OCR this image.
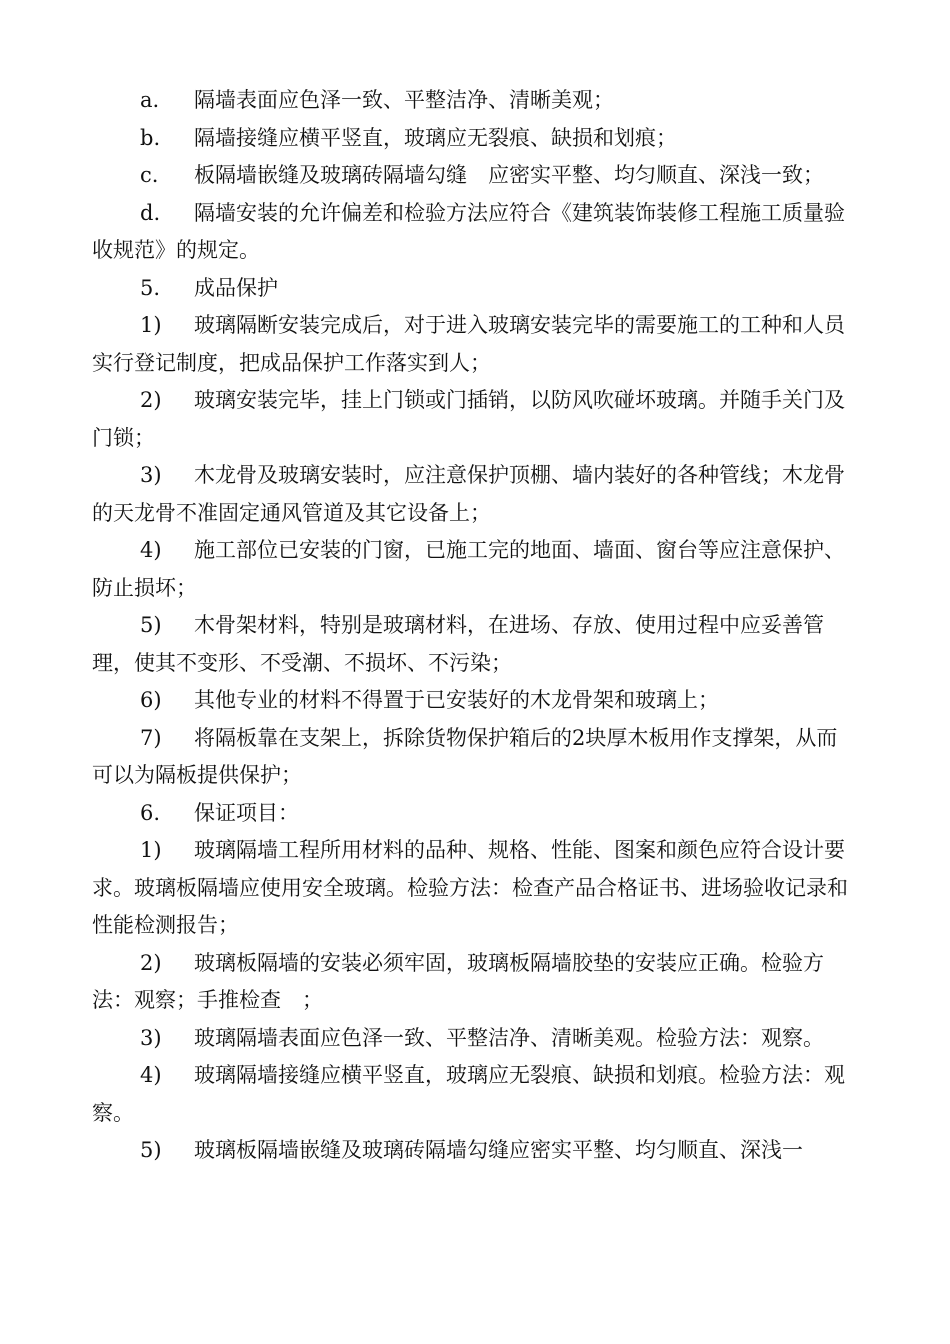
a. 隔墙表面应色泽一致、平整洁净、清晰美观；

b. 隔墙接缝应横平竖直，玻璃应无裂痕、缺损和划痕；

c. 板隔墙嵌缝及玻璃砖隔墙勾缝　应密实平整、均匀顺直、深浅一致；

d. 隔墙安装的允许偏差和检验方法应符合《建筑装饰装修工程施工质量验收规范》的规定。

5. 成品保护

1) 玻璃隔断安装完成后，对于进入玻璃安装完毕的需要施工的工种和人员实行登记制度，把成品保护工作落实到人；

2) 玻璃安装完毕，挂上门锁或门插销，以防风吹碰坏玻璃。并随手关门及门锁；

3) 木龙骨及玻璃安装时，应注意保护顶棚、墙内装好的各种管线；木龙骨的天龙骨不准固定通风管道及其它设备上；

4) 施工部位已安装的门窗，已施工完的地面、墙面、窗台等应注意保护、防止损坏；

5) 木骨架材料，特别是玻璃材料，在进场、存放、使用过程中应妥善管理，使其不变形、不受潮、不损坏、不污染；

6) 其他专业的材料不得置于已安装好的木龙骨架和玻璃上；

7) 将隔板靠在支架上，拆除货物保护箱后的2块厚木板用作支撑架，从而可以为隔板提供保护；

6. 保证项目：

1) 玻璃隔墙工程所用材料的品种、规格、性能、图案和颜色应符合设计要求。玻璃板隔墙应使用安全玻璃。检验方法：检查产品合格证书、进场验收记录和性能检测报告；

2) 玻璃板隔墙的安装必须牢固，玻璃板隔墙胶垫的安装应正确。检验方法：观察；手推检查　；

3) 玻璃隔墙表面应色泽一致、平整洁净、清晰美观。检验方法：观察。

4) 玻璃隔墙接缝应横平竖直，玻璃应无裂痕、缺损和划痕。检验方法：观察。

5) 玻璃板隔墙嵌缝及玻璃砖隔墙勾缝应密实平整、均匀顺直、深浅一
